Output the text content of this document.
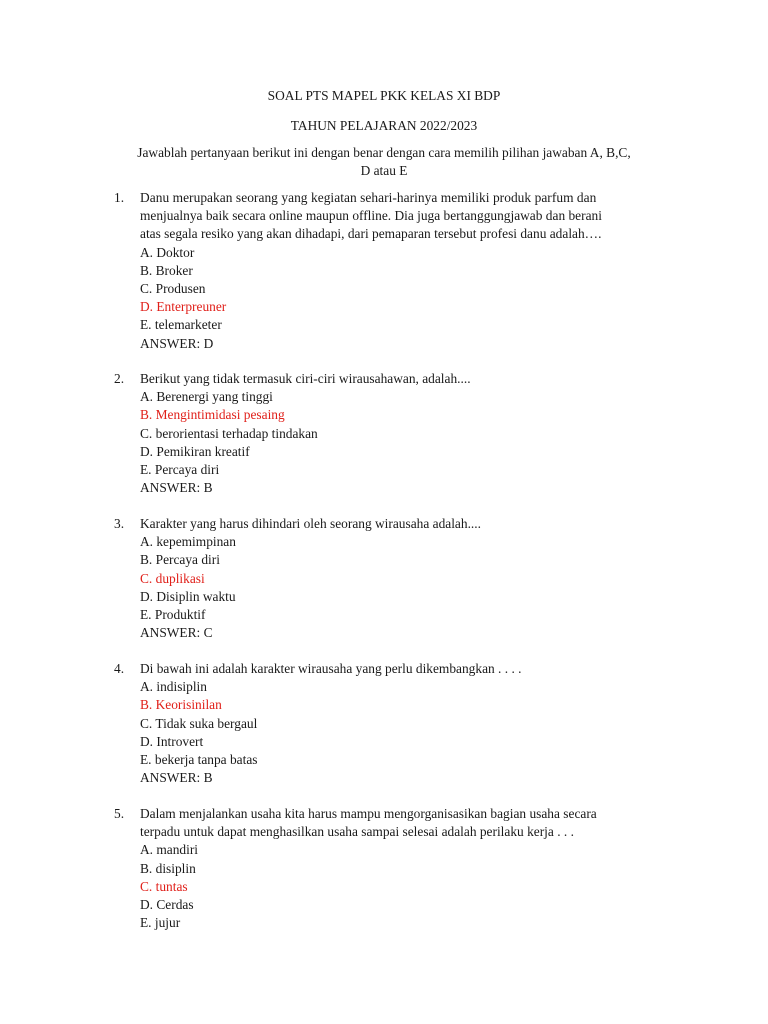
SOAL PTS MAPEL PKK KELAS XI BDP
TAHUN PELAJARAN 2022/2023
Jawablah pertanyaan berikut ini dengan benar dengan cara memilih pilihan jawaban A, B,C,
D atau E
1. Danu merupakan seorang yang kegiatan sehari-harinya memiliki produk parfum dan
menjualnya baik secara online maupun offline. Dia juga bertanggungjawab dan berani
atas segala resiko yang akan dihadapi, dari pemaparan tersebut profesi danu adalah….
A. Doktor
B. Broker
C. Produsen
D. Enterpreuner
E. telemarketer
ANSWER: D
2. Berikut yang tidak termasuk ciri-ciri wirausahawan, adalah....
A. Berenergi yang tinggi
B. Mengintimidasi pesaing
C. berorientasi terhadap tindakan
D. Pemikiran kreatif
E. Percaya diri
ANSWER: B
3. Karakter yang harus dihindari oleh seorang wirausaha adalah....
A. kepemimpinan
B. Percaya diri
C. duplikasi
D. Disiplin waktu
E. Produktif
ANSWER: C
4. Di bawah ini adalah karakter wirausaha yang perlu dikembangkan . . . .
A. indisiplin
B. Keorisinilan
C. Tidak suka bergaul
D. Introvert
E. bekerja tanpa batas
ANSWER: B
5. Dalam menjalankan usaha kita harus mampu mengorganisasikan bagian usaha secara
terpadu untuk dapat menghasilkan usaha sampai selesai adalah perilaku kerja . . .
A. mandiri
B. disiplin
C. tuntas
D. Cerdas
E. jujur
